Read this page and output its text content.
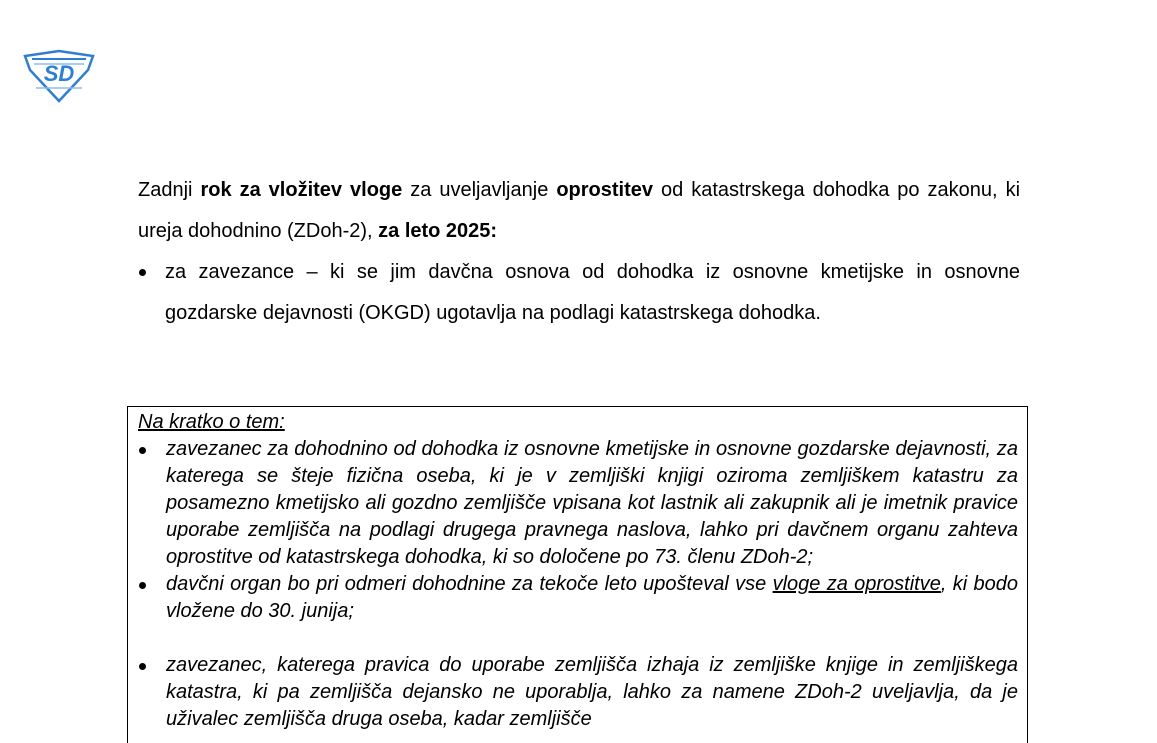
SD

Zadnji rok za vložitev vloge za uveljavljanje oprostitev od katastrskega dohodka po zakonu, ki ureja dohodnino (ZDoh-2), za leto 2025:

za zavezance – ki se jim davčna osnova od dohodka iz osnovne kmetijske in osnovne gozdarske dejavnosti (OKGD) ugotavlja na podlagi katastrskega dohodka.

Na kratko o tem:

zavezanec za dohodnino od dohodka iz osnovne kmetijske in osnovne gozdarske dejavnosti, za katerega se šteje fizična oseba, ki je v zemljiški knjigi oziroma zemljiškem katastru za posamezno kmetijsko ali gozdno zemljišče vpisana kot lastnik ali zakupnik ali je imetnik pravice uporabe zemljišča na podlagi drugega pravnega naslova, lahko pri davčnem organu zahteva oprostitve od katastrskega dohodka, ki so določene po 73. členu ZDoh-2;
davčni organ bo pri odmeri dohodnine za tekoče leto upošteval vse vloge za oprostitve, ki bodo vložene do 30. junija;
zavezanec, katerega pravica do uporabe zemljišča izhaja iz zemljiške knjige in zemljiškega katastra, ki pa zemljišča dejansko ne uporablja, lahko za namene ZDoh-2 uveljavlja, da je uživalec zemljišča druga oseba, kadar zemljišče
